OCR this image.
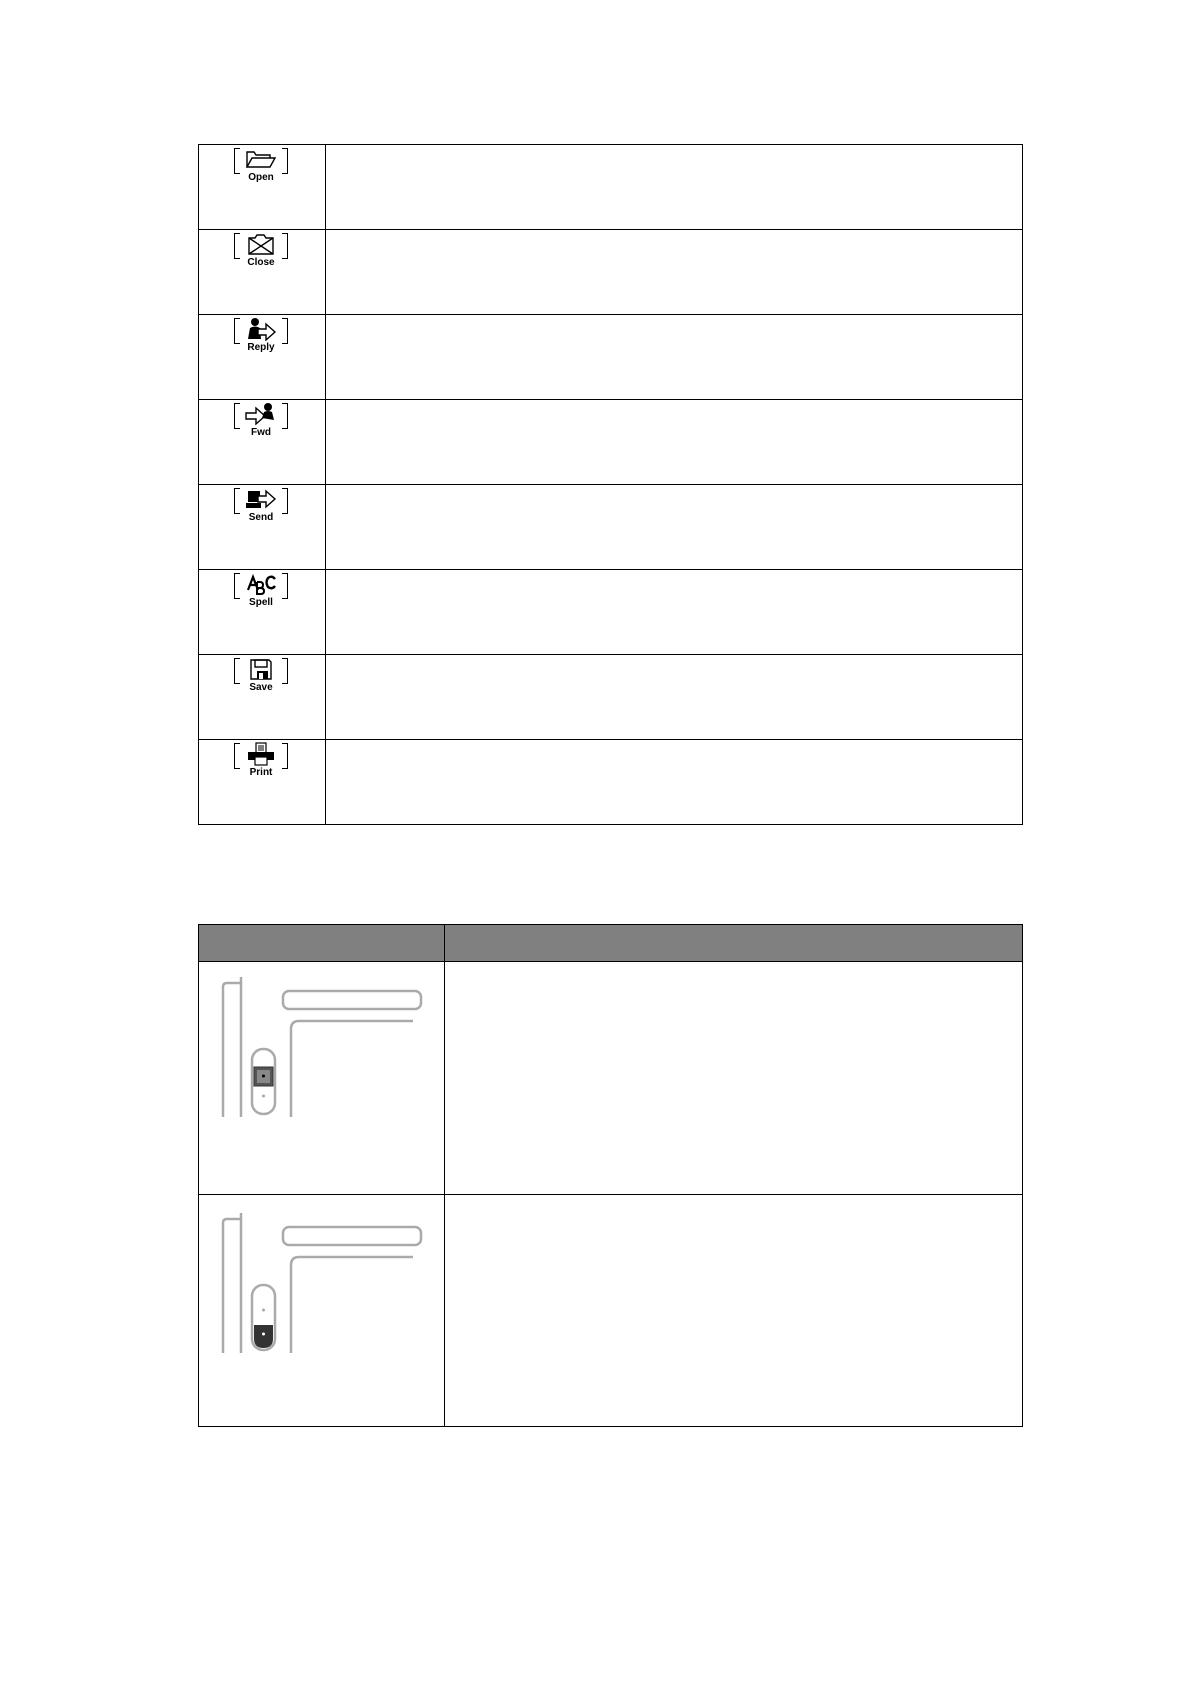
Open
Close
Reply
Fwd
Send
Spell
Save
Print
